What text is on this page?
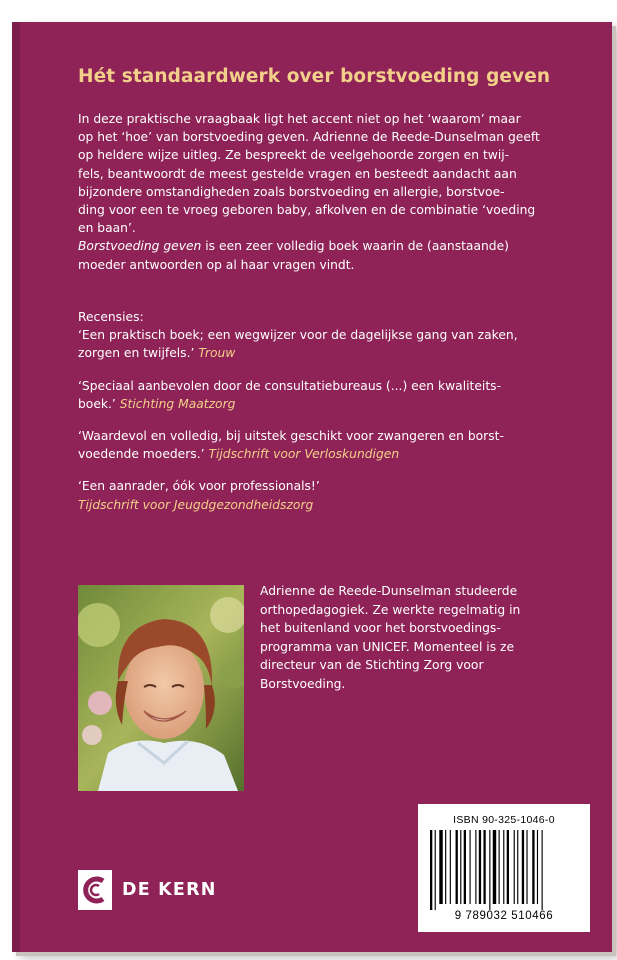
Hét standaardwerk over borstvoeding geven

In deze praktische vraagbaak ligt het accent niet op het ‘waarom’ maar

op het ‘hoe’ van borstvoeding geven. Adrienne de Reede-Dunselman geeft

op heldere wijze uitleg. Ze bespreekt de veelgehoorde zorgen en twij-

fels, beantwoordt de meest gestelde vragen en besteedt aandacht aan

bijzondere omstandigheden zoals borstvoeding en allergie, borstvoe-

ding voor een te vroeg geboren baby, afkolven en de combinatie ‘voeding

en baan’.

Borstvoeding geven is een zeer volledig boek waarin de (aanstaande)

moeder antwoorden op al haar vragen vindt.

Recensies:

‘Een praktisch boek; een wegwijzer voor de dagelijkse gang van zaken,
zorgen en twijfels.’ Trouw

‘Speciaal aanbevolen door de consultatiebureaus (...) een kwaliteits-
boek.’ Stichting Maatzorg

‘Waardevol en volledig, bij uitstek geschikt voor zwangeren en borst-
voedende moeders.’ Tijdschrift voor Verloskundigen

‘Een aanrader, óók voor professionals!’
Tijdschrift voor Jeugdgezondheidszorg

Adrienne de Reede-Dunselman studeerde
orthopedagogiek. Ze werkte regelmatig in
het buitenland voor het borstvoedings-
programma van UNICEF. Momenteel is ze
directeur van de Stichting Zorg voor
Borstvoeding.
DE KERN
ISBN 90-325-1046-0
9 789032 510466
